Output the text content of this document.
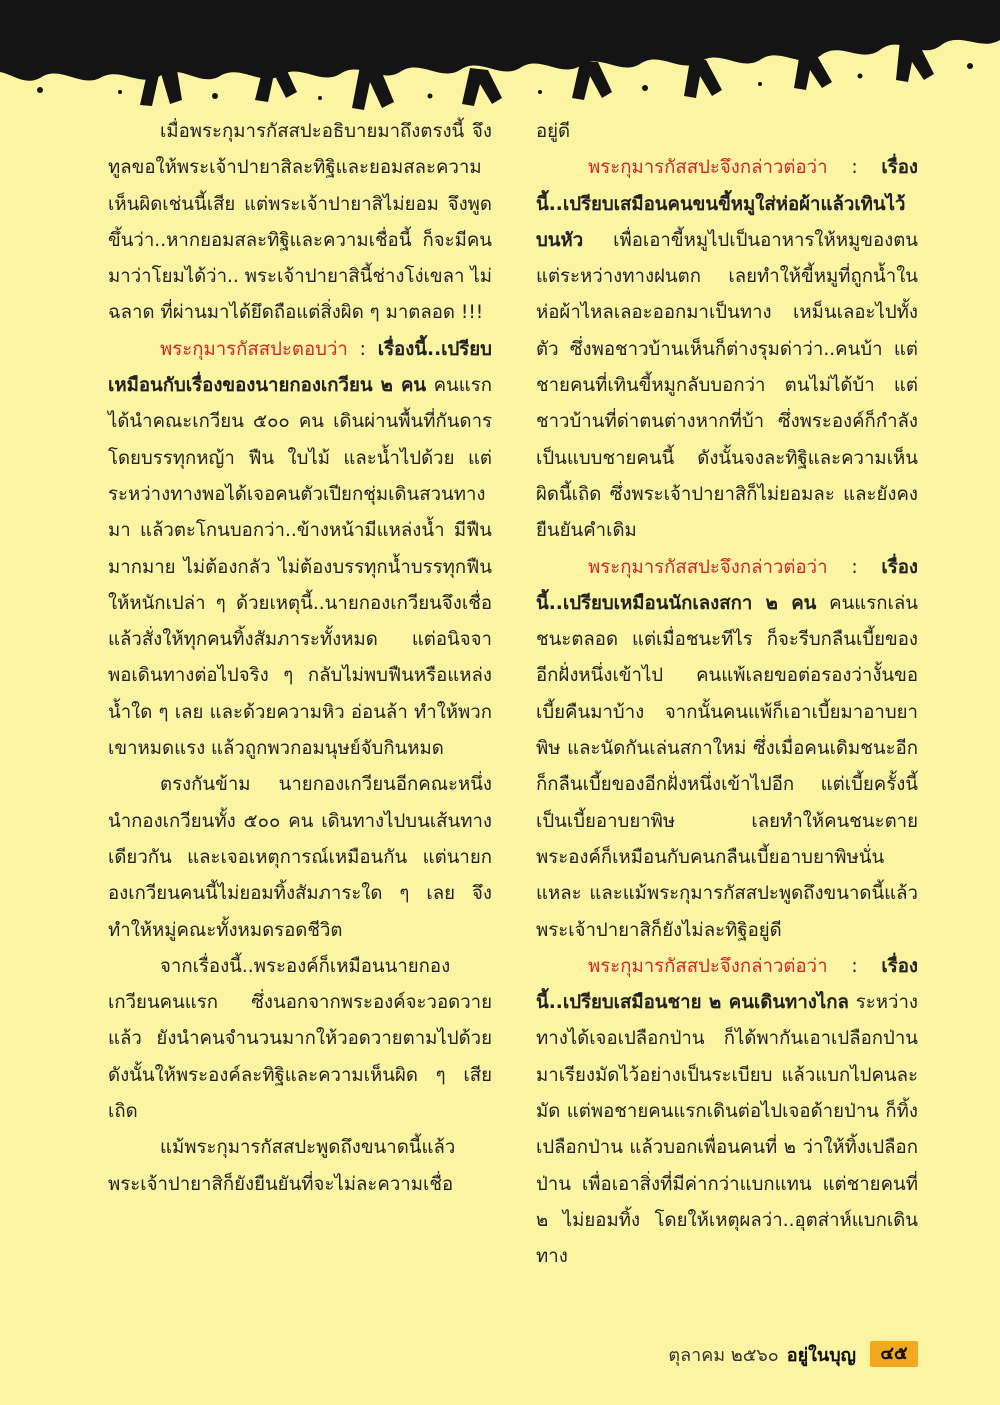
เมื่อพระกุมารกัสสปะอธิบายมาถึงตรงนี้ จึงทูลขอให้พระเจ้าปายาสิละทิฐิและยอมสละความเห็นผิดเช่นนี้เสีย แต่พระเจ้าปายาสิไม่ยอม จึงพูดขึ้นว่า..หากยอมสละทิฐิและความเชื่อนี้ ก็จะมีคนมาว่าโยมได้ว่า.. พระเจ้าปายาสินี้ช่างโง่เขลา ไม่ฉลาด ที่ผ่านมาได้ยึดถือแต่สิ่งผิด ๆ มาตลอด !!!

พระกุมารกัสสปะตอบว่า : เรื่องนี้..เปรียบเหมือนกับเรื่องของนายกองเกวียน ๒ คน คนแรกได้นำคณะเกวียน ๕๐๐ คน เดินผ่านพื้นที่กันดารโดยบรรทุกหญ้า ฟืน ใบไม้ และน้ำไปด้วย แต่ระหว่างทางพอได้เจอคนตัวเปียกชุ่มเดินสวนทางมา แล้วตะโกนบอกว่า..ข้างหน้ามีแหล่งน้ำ มีฟืนมากมาย ไม่ต้องกลัว ไม่ต้องบรรทุกน้ำบรรทุกฟืนให้หนักเปล่า ๆ ด้วยเหตุนี้..นายกองเกวียนจึงเชื่อ แล้วสั่งให้ทุกคนทิ้งสัมภาระทั้งหมด แต่อนิจจา พอเดินทางต่อไปจริง ๆ กลับไม่พบฟืนหรือแหล่งน้ำใด ๆ เลย และด้วยความหิว อ่อนล้า ทำให้พวกเขาหมดแรง แล้วถูกพวกอมนุษย์จับกินหมด

ตรงกันข้าม นายกองเกวียนอีกคณะหนึ่ง นำกองเกวียนทั้ง ๕๐๐ คน เดินทางไปบนเส้นทางเดียวกัน และเจอเหตุการณ์เหมือนกัน แต่นายกองเกวียนคนนี้ไม่ยอมทิ้งสัมภาระใด ๆ เลย จึงทำให้หมู่คณะทั้งหมดรอดชีวิต

จากเรื่องนี้..พระองค์ก็เหมือนนายกองเกวียนคนแรก ซึ่งนอกจากพระองค์จะวอดวายแล้ว ยังนำคนจำนวนมากให้วอดวายตามไปด้วย ดังนั้นให้พระองค์ละทิฐิและความเห็นผิด ๆ เสียเถิด

แม้พระกุมารกัสสปะพูดถึงขนาดนี้แล้ว พระเจ้าปายาสิก็ยังยืนยันที่จะไม่ละความเชื่อ

อยู่ดี

พระกุมารกัสสปะจึงกล่าวต่อว่า : เรื่องนี้..เปรียบเสมือนคนขนขี้หมูใส่ห่อผ้าแล้วเทินไว้บนหัว เพื่อเอาขี้หมูไปเป็นอาหารให้หมูของตน แต่ระหว่างทางฝนตก เลยทำให้ขี้หมูที่ถูกน้ำในห่อผ้าไหลเลอะออกมาเป็นทาง เหม็นเลอะไปทั้งตัว ซึ่งพอชาวบ้านเห็นก็ต่างรุมด่าว่า..คนบ้า แต่ชายคนที่เทินขี้หมูกลับบอกว่า ตนไม่ได้บ้า แต่ชาวบ้านที่ด่าตนต่างหากที่บ้า ซึ่งพระองค์ก็กำลังเป็นแบบชายคนนี้ ดังนั้นจงละทิฐิและความเห็นผิดนี้เถิด ซึ่งพระเจ้าปายาสิก็ไม่ยอมละ และยังคงยืนยันคำเดิม

พระกุมารกัสสปะจึงกล่าวต่อว่า : เรื่องนี้..เปรียบเหมือนนักเลงสกา ๒ คน คนแรกเล่นชนะตลอด แต่เมื่อชนะทีไร ก็จะรีบกลืนเบี้ยของอีกฝั่งหนึ่งเข้าไป คนแพ้เลยขอต่อรองว่างั้นขอเบี้ยคืนมาบ้าง จากนั้นคนแพ้ก็เอาเบี้ยมาอาบยาพิษ และนัดกันเล่นสกาใหม่ ซึ่งเมื่อคนเดิมชนะอีก ก็กลืนเบี้ยของอีกฝั่งหนึ่งเข้าไปอีก แต่เบี้ยครั้งนี้เป็นเบี้ยอาบยาพิษ เลยทำให้คนชนะตาย พระองค์ก็เหมือนกับคนกลืนเบี้ยอาบยาพิษนั่นแหละ และแม้พระกุมารกัสสปะพูดถึงขนาดนี้แล้ว พระเจ้าปายาสิก็ยังไม่ละทิฐิอยู่ดี

พระกุมารกัสสปะจึงกล่าวต่อว่า : เรื่องนี้..เปรียบเสมือนชาย ๒ คนเดินทางไกล ระหว่างทางได้เจอเปลือกป่าน ก็ได้พากันเอาเปลือกป่านมาเรียงมัดไว้อย่างเป็นระเบียบ แล้วแบกไปคนละมัด แต่พอชายคนแรกเดินต่อไปเจอด้ายป่าน ก็ทิ้งเปลือกป่าน แล้วบอกเพื่อนคนที่ ๒ ว่าให้ทิ้งเปลือกป่าน เพื่อเอาสิ่งที่มีค่ากว่าแบกแทน แต่ชายคนที่ ๒ ไม่ยอมทิ้ง โดยให้เหตุผลว่า..อุตส่าห์แบกเดินทาง

ตุลาคม ๒๕๖๐ อยู่ในบุญ	๔๕
